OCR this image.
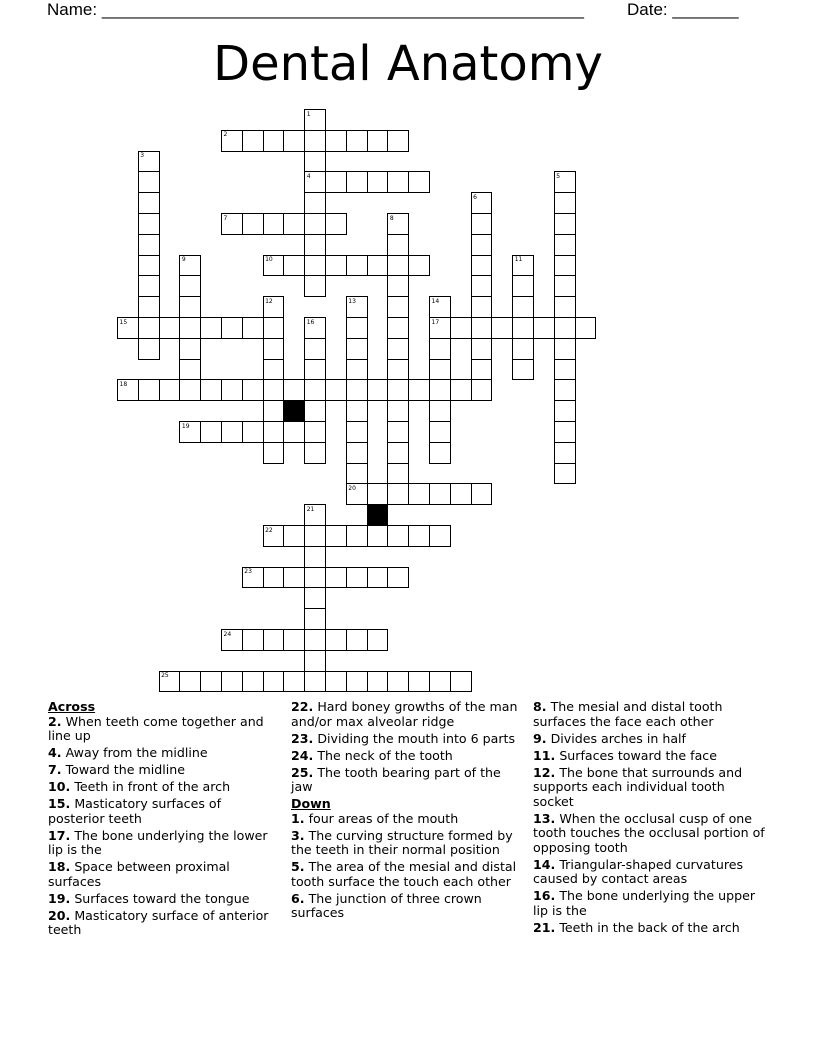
Name: ___________________________________________________	Date: _______
Dental Anatomy
1
2
3
4	5
6
7	8
9	10	11
12	13	14
15	16	17
18
19
20
21
22
23
24
25
Across
2. When teeth come together and line up
4. Away from the midline
7. Toward the midline
10. Teeth in front of the arch
15. Masticatory surfaces of posterior teeth
17. The bone underlying the lower lip is the
18. Space between proximal surfaces
19. Surfaces toward the tongue
20. Masticatory surface of anterior teeth
22. Hard boney growths of the man and/or max alveolar ridge
23. Dividing the mouth into 6 parts
24. The neck of the tooth
25. The tooth bearing part of the jaw
Down
1. four areas of the mouth
3. The curving structure formed by the teeth in their normal position
5. The area of the mesial and distal tooth surface the touch each other
6. The junction of three crown surfaces
8. The mesial and distal tooth surfaces the face each other
9. Divides arches in half
11. Surfaces toward the face
12. The bone that surrounds and supports each individual tooth socket
13. When the occlusal cusp of one tooth touches the occlusal portion of opposing tooth
14. Triangular-shaped curvatures caused by contact areas
16. The bone underlying the upper lip is the
21. Teeth in the back of the arch
